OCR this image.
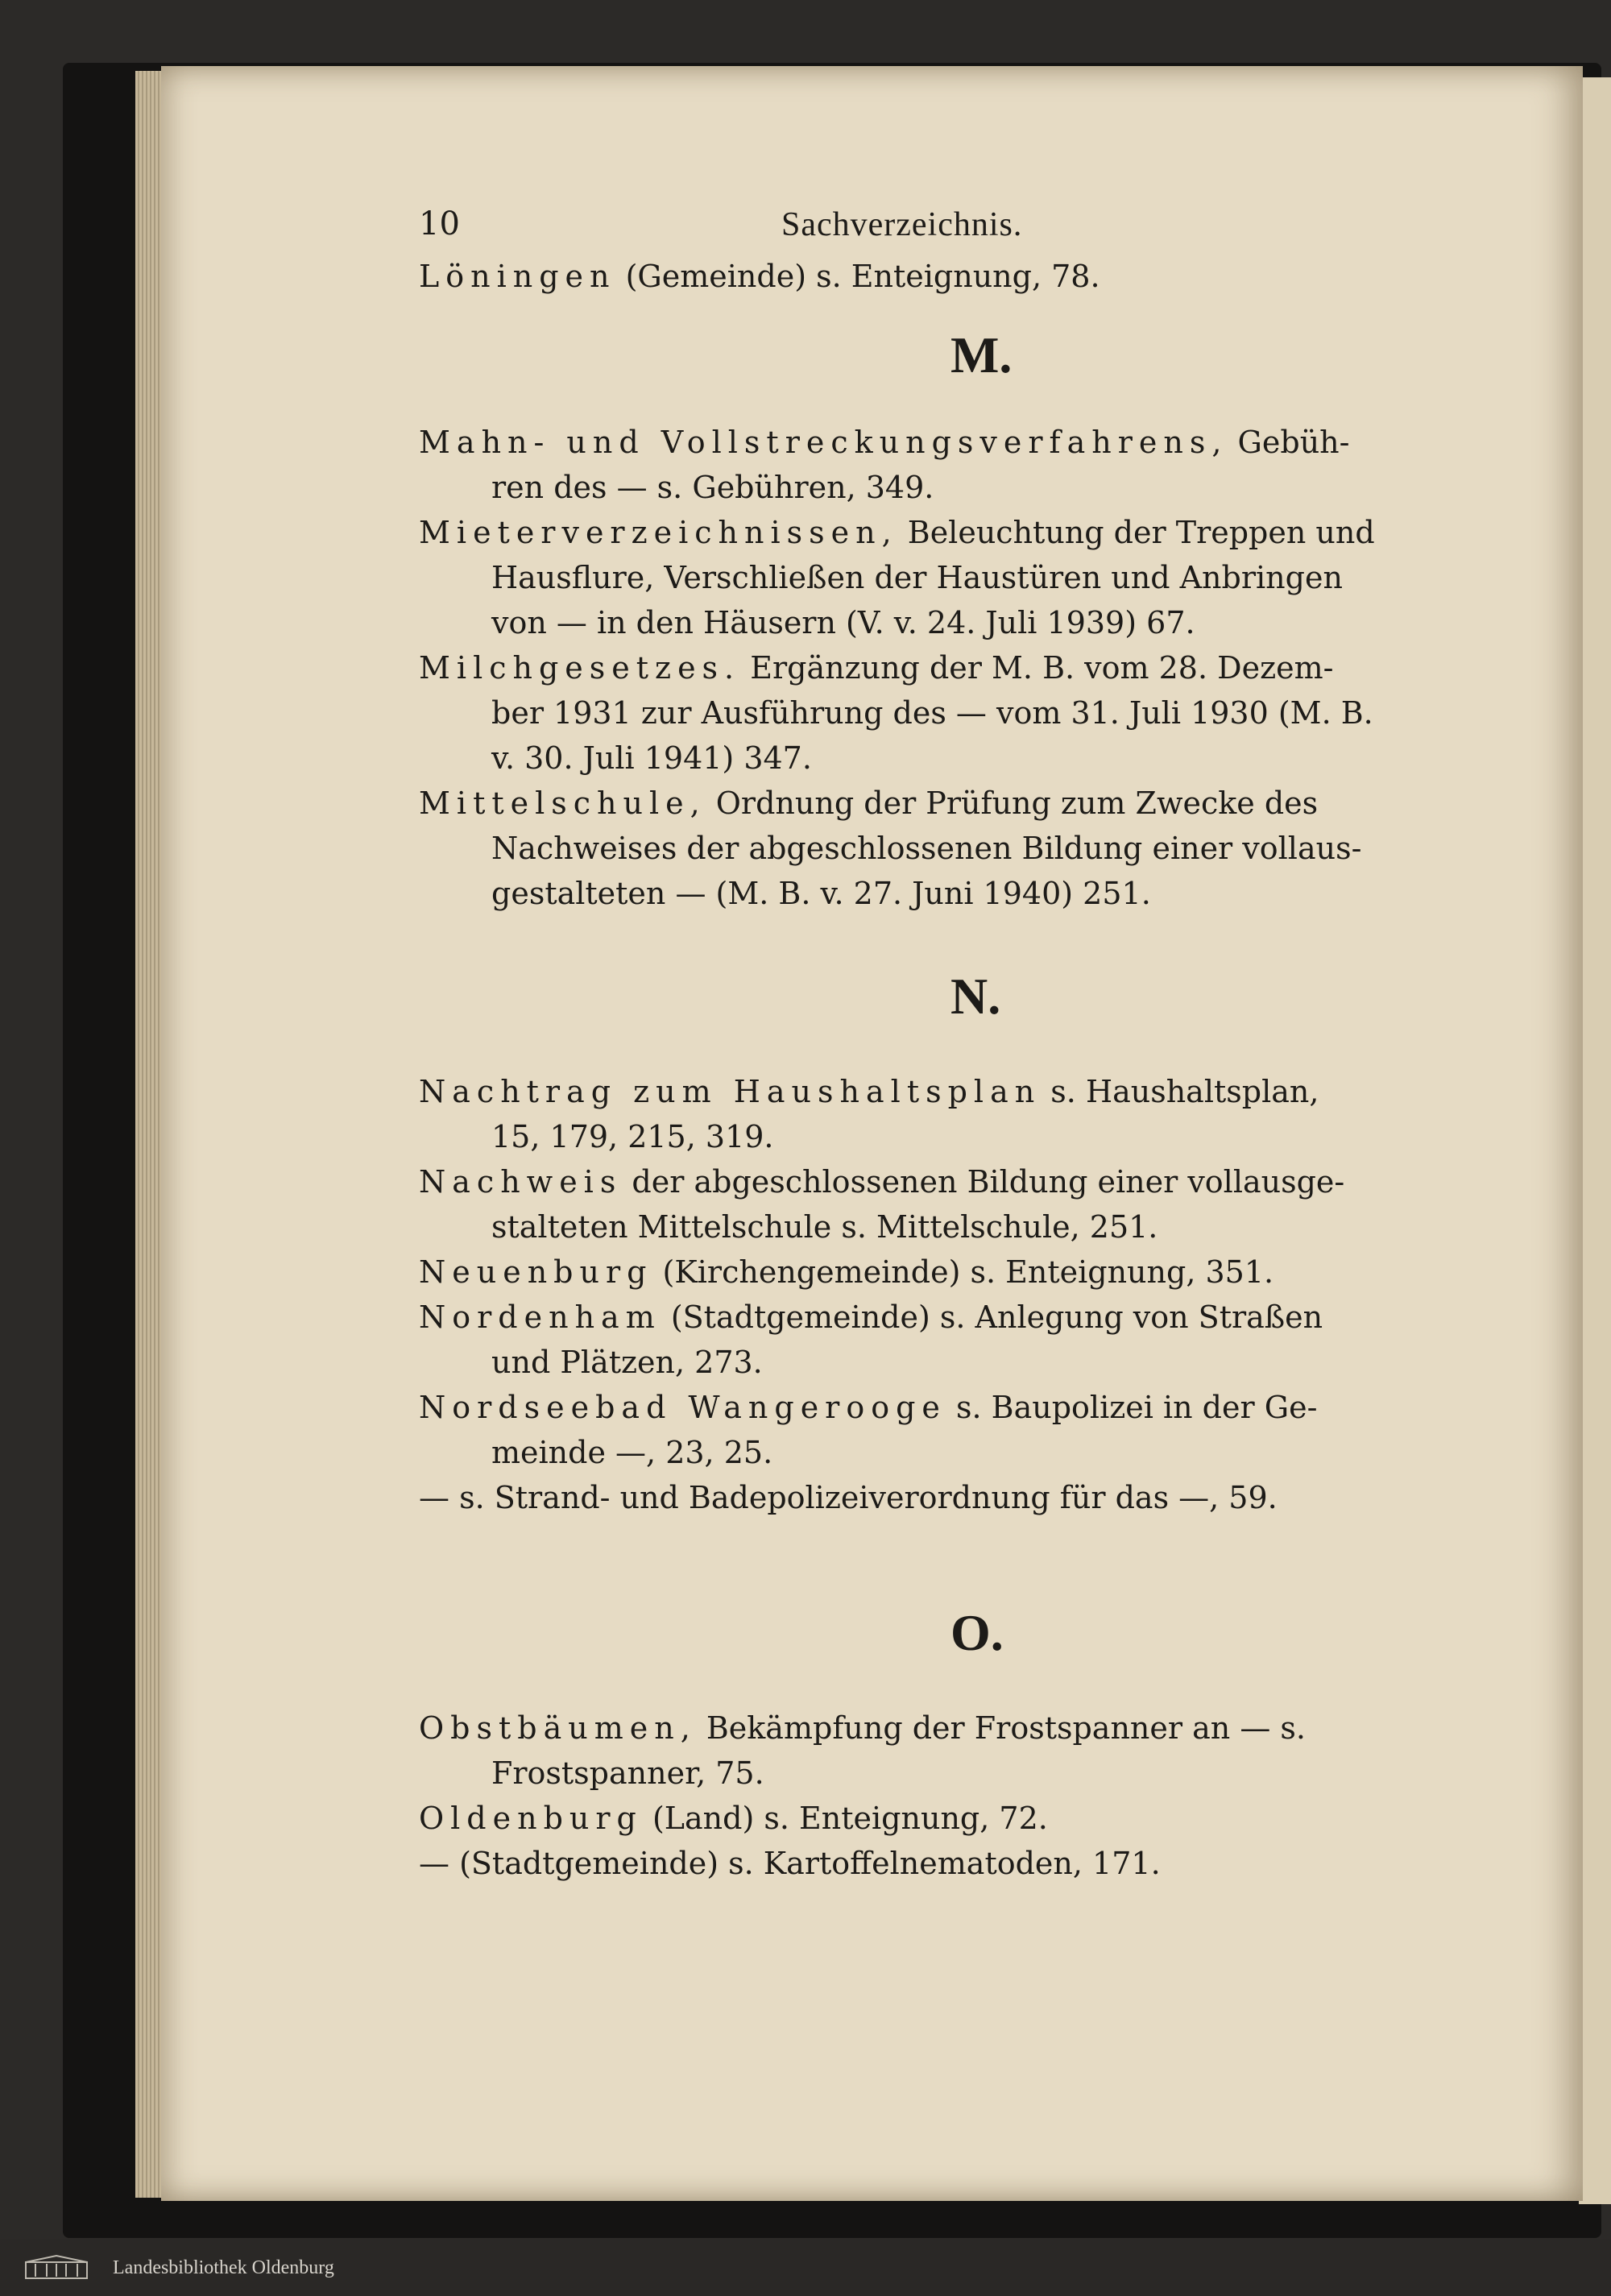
10	Sachverzeichnis.
Löningen (Gemeinde) s. Enteignung, 78.
M.
Mahn- und Vollstreckungsverfahrens, Gebüh-
ren des — s. Gebühren, 349.
Mieterverzeichnissen, Beleuchtung der Treppen und
Hausflure, Verschließen der Haustüren und Anbringen von — in den Häusern (V. v. 24. Juli 1939) 67.
Milchgesetzes. Ergänzung der M. B. vom 28. Dezem-
ber 1931 zur Ausführung des — vom 31. Juli 1930 (M. B. v. 30. Juli 1941) 347.
Mittelschule, Ordnung der Prüfung zum Zwecke des
Nachweises der abgeschlossenen Bildung einer vollaus- gestalteten — (M. B. v. 27. Juni 1940) 251.
N.
Nachtrag zum Haushaltsplan s. Haushaltsplan,
15, 179, 215, 319.
Nachweis der abgeschlossenen Bildung einer vollausge-
stalteten Mittelschule s. Mittelschule, 251.
Neuenburg (Kirchengemeinde) s. Enteignung, 351.
Nordenham (Stadtgemeinde) s. Anlegung von Straßen
und Plätzen, 273.
Nordseebad Wangerooge s. Baupolizei in der Ge-
meinde —, 23, 25.
— s. Strand- und Badepolizeiverordnung für das —, 59.
O.
Obstbäumen, Bekämpfung der Frostspanner an — s.
Frostspanner, 75.
Oldenburg (Land) s. Enteignung, 72.
— (Stadtgemeinde) s. Kartoffelnematoden, 171.
Landesbibliothek Oldenburg
